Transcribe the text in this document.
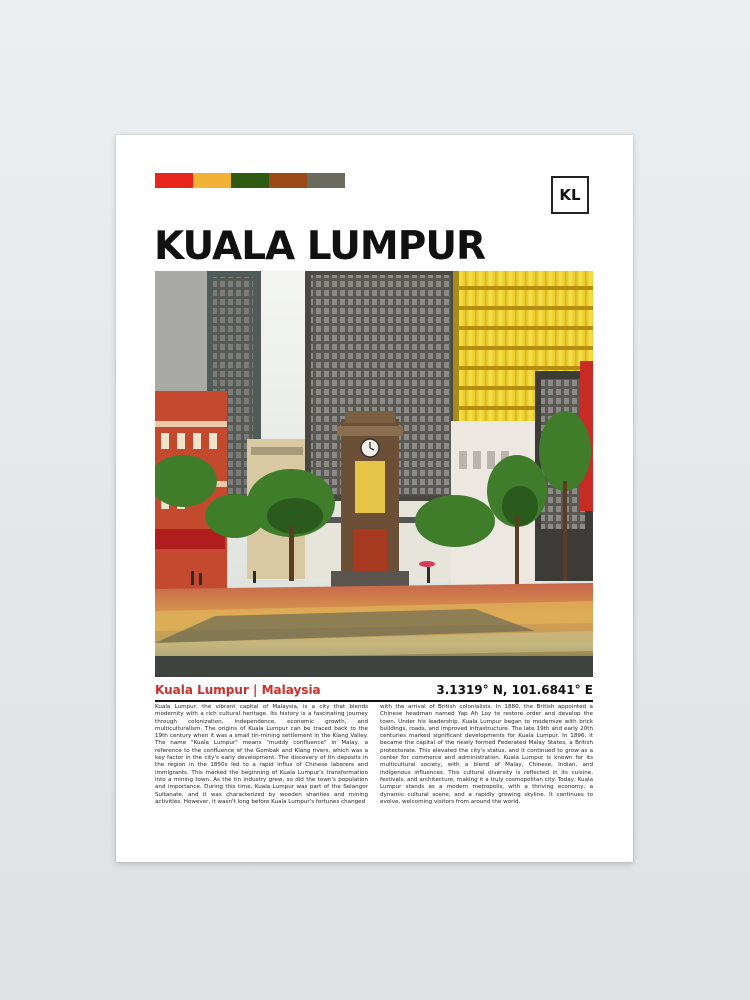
KL
KUALA LUMPUR
Kuala Lumpur | Malaysia	3.1319° N, 101.6841° E

Kuala Lumpur, the vibrant capital of Malaysia, is a city that blends modernity with a rich cultural heritage. Its history is a fascinating journey through colonization, independence, economic growth, and multiculturalism. The origins of Kuala Lumpur can be traced back to the 19th century when it was a small tin-mining settlement in the Klang Valley. The name "Kuala Lumpur" means "muddy confluence" in Malay, a reference to the confluence of the Gombak and Klang rivers, which was a key factor in the city's early development. The discovery of tin deposits in the region in the 1850s led to a rapid influx of Chinese laborers and immigrants. This marked the beginning of Kuala Lumpur's transformation into a mining town. As the tin industry grew, so did the town's population and importance. During this time, Kuala Lumpur was part of the Selangor Sultanate, and it was characterized by wooden shanties and mining activities. However, it wasn't long before Kuala Lumpur's fortunes changed

with the arrival of British colonialists. In 1880, the British appointed a Chinese headman named Yap Ah Loy to restore order and develop the town. Under his leadership, Kuala Lumpur began to modernize with brick buildings, roads, and improved infrastructure. The late 19th and early 20th centuries marked significant developments for Kuala Lumpur. In 1896, it became the capital of the newly formed Federated Malay States, a British protectorate. This elevated the city's status, and it continued to grow as a center for commerce and administration. Kuala Lumpur is known for its multicultural society, with a blend of Malay, Chinese, Indian, and indigenous influences. This cultural diversity is reflected in its cuisine, festivals, and architecture, making it a truly cosmopolitan city. Today, Kuala Lumpur stands as a modern metropolis, with a thriving economy, a dynamic cultural scene, and a rapidly growing skyline. It continues to evolve, welcoming visitors from around the world.
